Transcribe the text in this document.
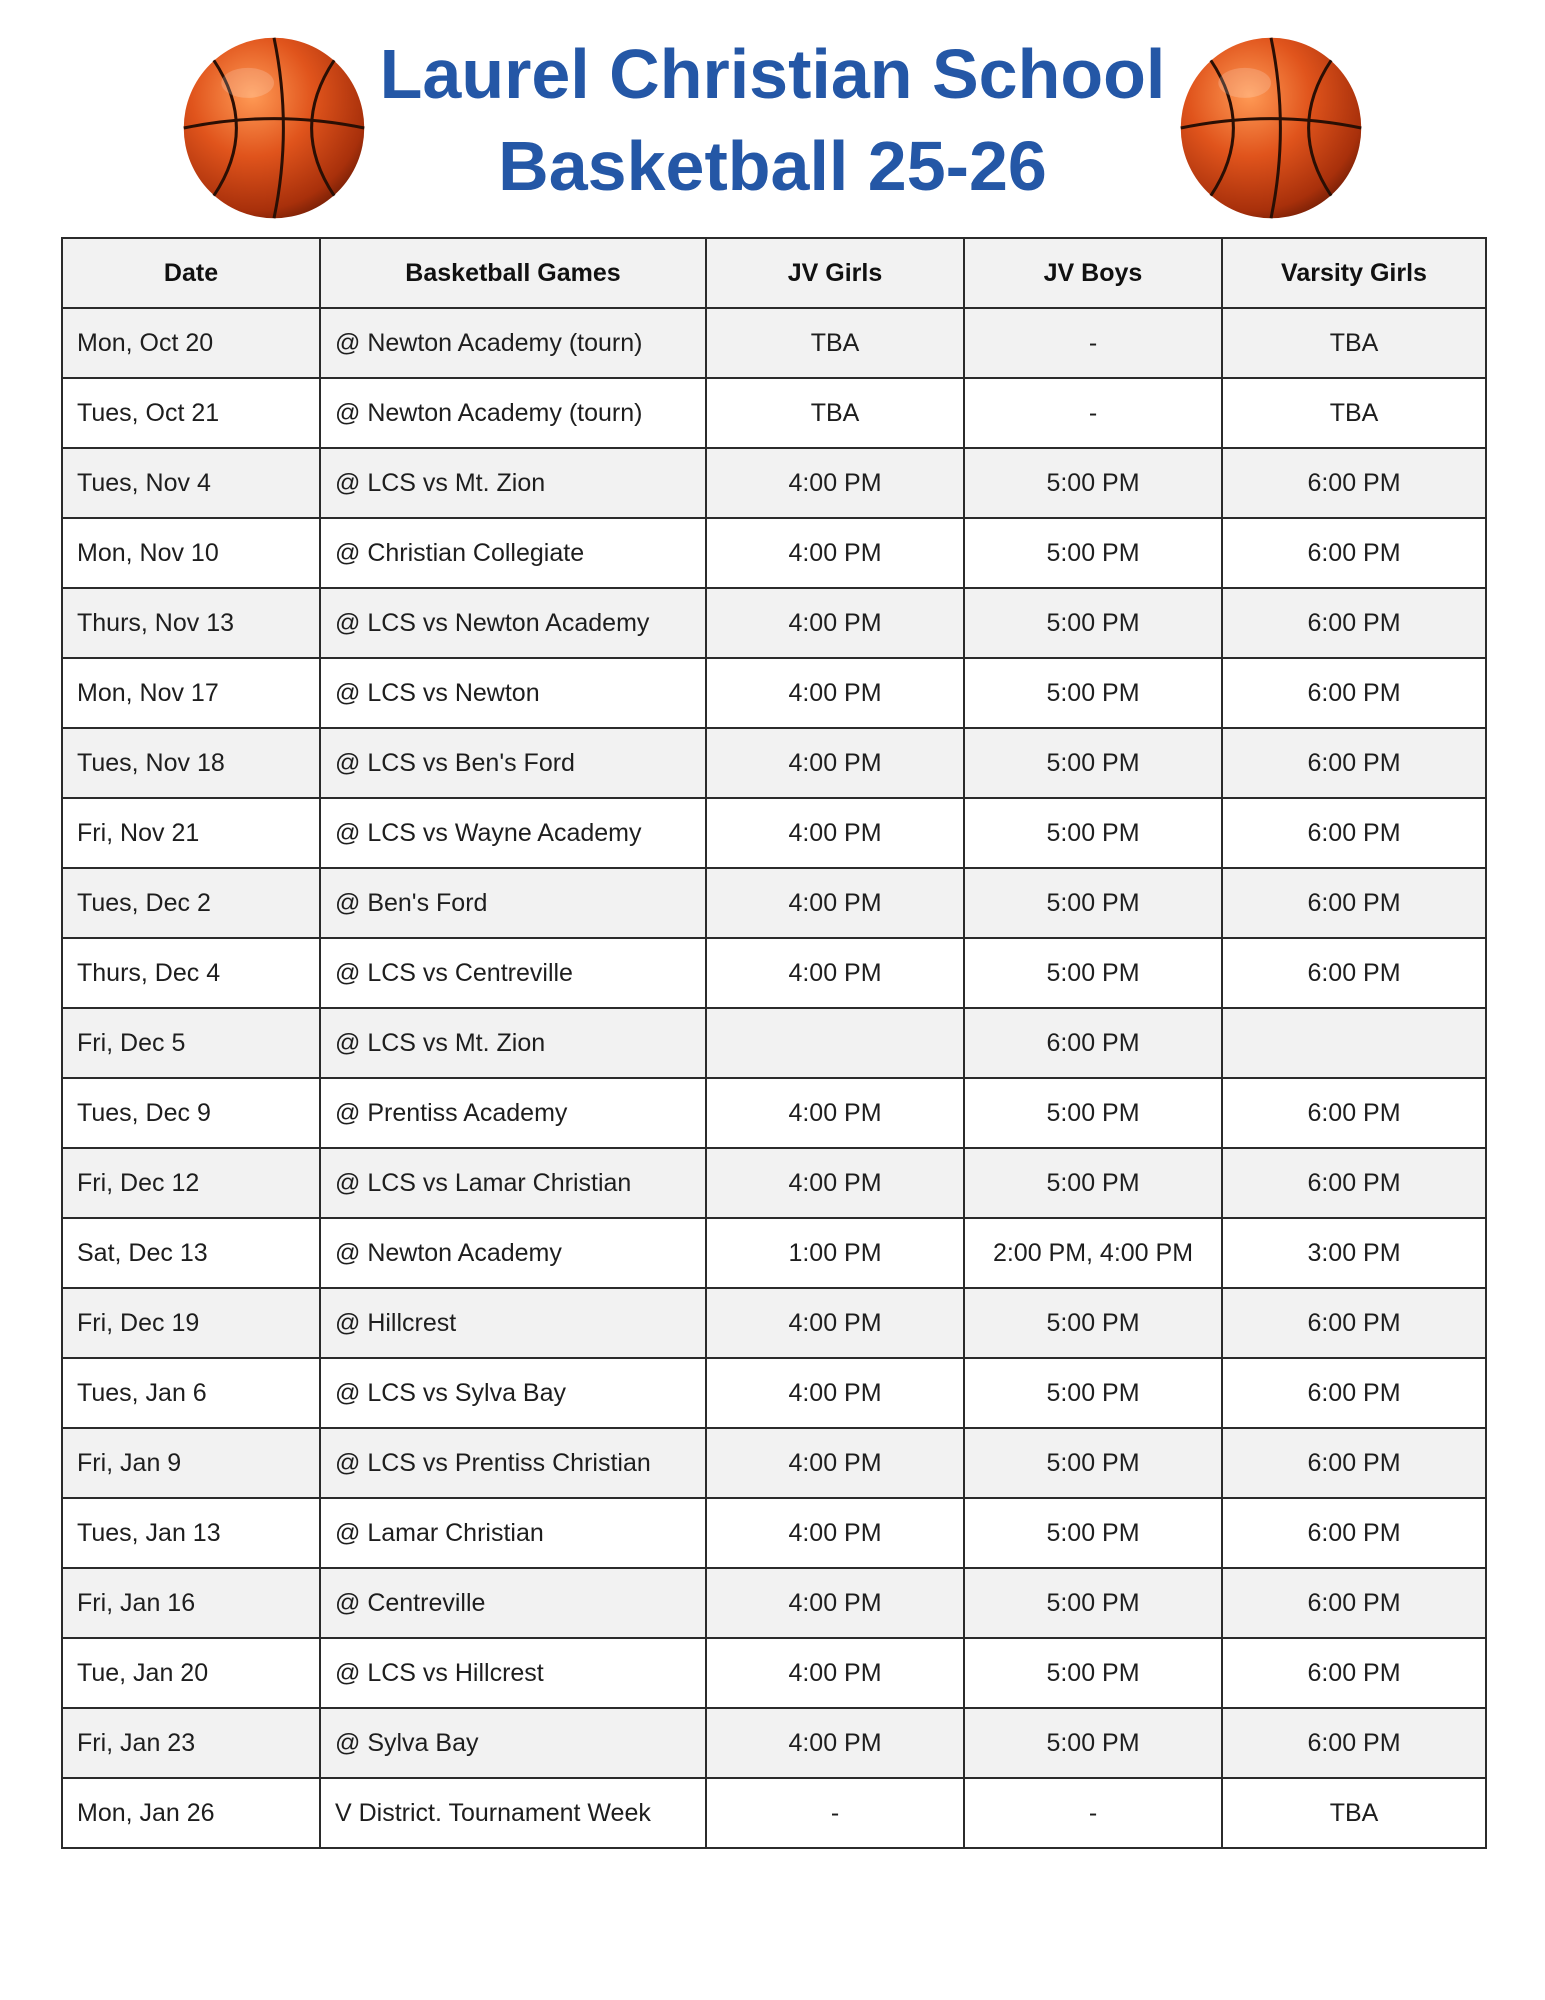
Laurel Christian School
Basketball 25-26
Date	Basketball Games	JV Girls	JV Boys	Varsity Girls
Mon, Oct 20	@ Newton Academy (tourn)	TBA	-	TBA
Tues, Oct 21	@ Newton Academy (tourn)	TBA	-	TBA
Tues, Nov 4	@ LCS vs Mt. Zion	4:00 PM	5:00 PM	6:00 PM
Mon, Nov 10	@ Christian Collegiate	4:00 PM	5:00 PM	6:00 PM
Thurs, Nov 13	@ LCS vs Newton Academy	4:00 PM	5:00 PM	6:00 PM
Mon, Nov 17	@ LCS vs Newton	4:00 PM	5:00 PM	6:00 PM
Tues, Nov 18	@ LCS vs Ben's Ford	4:00 PM	5:00 PM	6:00 PM
Fri, Nov 21	@ LCS vs Wayne Academy	4:00 PM	5:00 PM	6:00 PM
Tues, Dec 2	@ Ben's Ford	4:00 PM	5:00 PM	6:00 PM
Thurs, Dec 4	@ LCS vs Centreville	4:00 PM	5:00 PM	6:00 PM
Fri, Dec 5	@ LCS vs Mt. Zion		6:00 PM	
Tues, Dec 9	@ Prentiss Academy	4:00 PM	5:00 PM	6:00 PM
Fri, Dec 12	@ LCS vs Lamar Christian	4:00 PM	5:00 PM	6:00 PM
Sat, Dec 13	@ Newton Academy	1:00 PM	2:00 PM, 4:00 PM	3:00 PM
Fri, Dec 19	@ Hillcrest	4:00 PM	5:00 PM	6:00 PM
Tues, Jan 6	@ LCS vs Sylva Bay	4:00 PM	5:00 PM	6:00 PM
Fri, Jan 9	@ LCS vs Prentiss Christian	4:00 PM	5:00 PM	6:00 PM
Tues, Jan 13	@ Lamar Christian	4:00 PM	5:00 PM	6:00 PM
Fri, Jan 16	@ Centreville	4:00 PM	5:00 PM	6:00 PM
Tue, Jan 20	@ LCS vs Hillcrest	4:00 PM	5:00 PM	6:00 PM
Fri, Jan 23	@ Sylva Bay	4:00 PM	5:00 PM	6:00 PM
Mon, Jan 26	V District. Tournament Week	-	-	TBA
